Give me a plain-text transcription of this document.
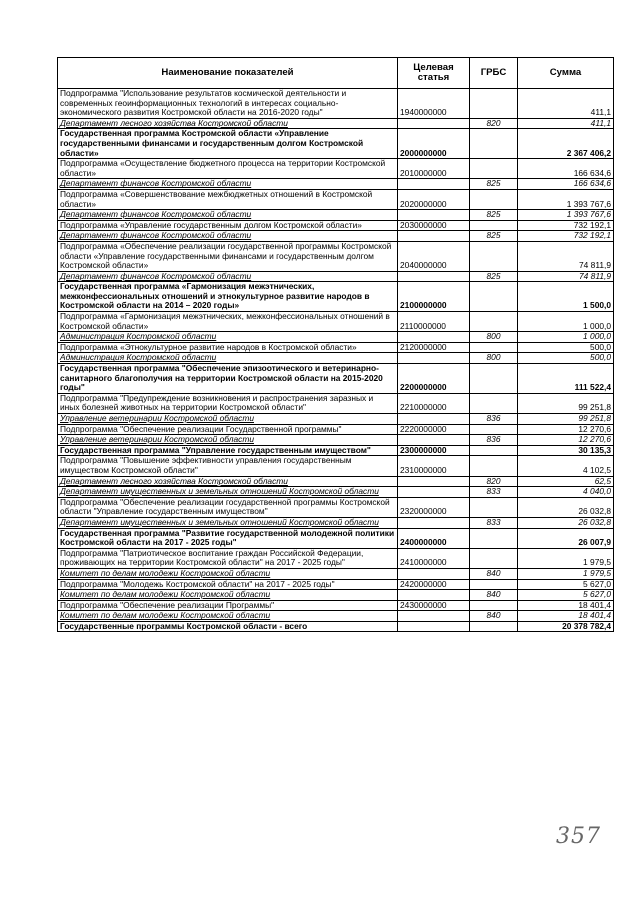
Наименование показателей	Целевая статья	ГРБС	Сумма
Подпрограмма "Использование результатов космической деятельности и современных геоинформационных технологий в интересах социально-экономического развития Костромской области на 2016-2020 годы"	1940000000		411,1
Департамент лесного хозяйства Костромской области		820	411,1
Государственная программа Костромской области «Управление государственными финансами и государственным долгом Костромской области»	2000000000		2 367 406,2
Подпрограмма «Осуществление бюджетного процесса на территории Костромской области»	2010000000		166 634,6
Департамент финансов Костромской области		825	166 634,6
Подпрограмма «Совершенствование межбюджетных отношений в Костромской области»	2020000000		1 393 767,6
Департамент финансов Костромской области		825	1 393 767,6
Подпрограмма «Управление государственным долгом Костромской области»	2030000000		732 192,1
Департамент финансов Костромской области		825	732 192,1
Подпрограмма «Обеспечение реализации государственной программы Костромской области «Управление государственными финансами и государственным долгом Костромской области»	2040000000		74 811,9
Департамент финансов Костромской области		825	74 811,9
Государственная программа «Гармонизация межэтнических, межконфессиональных отношений и этнокультурное развитие народов в Костромской области на 2014 – 2020 годы»	2100000000		1 500,0
Подпрограмма «Гармонизация межэтнических, межконфессиональных отношений в Костромской области»	2110000000		1 000,0
Администрация Костромской области		800	1 000,0
Подпрограмма «Этнокультурное развитие народов в Костромской области»	2120000000		500,0
Администрация Костромской области		800	500,0
Государственная программа "Обеспечение эпизоотического и ветеринарно-санитарного благополучия на территории Костромской области на 2015-2020 годы"	2200000000		111 522,4
Подпрограмма "Предупреждение возникновения и распространения заразных и иных болезней животных на территории Костромской области"	2210000000		99 251,8
Управление ветеринарии Костромской области		836	99 251,8
Подпрограмма "Обеспечение реализации Государственной программы"	2220000000		12 270,6
Управление ветеринарии Костромской области		836	12 270,6
Государственная программа "Управление государственным имуществом"	2300000000		30 135,3
Подпрограмма "Повышение эффективности управления государственным имуществом Костромской области"	2310000000		4 102,5
Департамент лесного хозяйства Костромской области		820	62,5
Департамент имущественных и земельных отношений Костромской области		833	4 040,0
Подпрограмма "Обеспечение реализации государственной программы Костромской области "Управление государственным имуществом"	2320000000		26 032,8
Департамент имущественных и земельных отношений Костромской области		833	26 032,8
Государственная программа "Развитие государственной молодежной политики Костромской области на 2017 - 2025 годы"	2400000000		26 007,9
Подпрограмма "Патриотическое воспитание граждан Российской Федерации, проживающих на территории Костромской области" на 2017 - 2025 годы"	2410000000		1 979,5
Комитет по делам молодежи Костромской области		840	1 979,5
Подпрограмма "Молодежь Костромской области" на 2017 - 2025 годы"	2420000000		5 627,0
Комитет по делам молодежи Костромской области		840	5 627,0
Подпрограмма "Обеспечение реализации Программы"	2430000000		18 401,4
Комитет по делам молодежи Костромской области		840	18 401,4
Государственные программы Костромской области - всего			20 378 782,4
357
